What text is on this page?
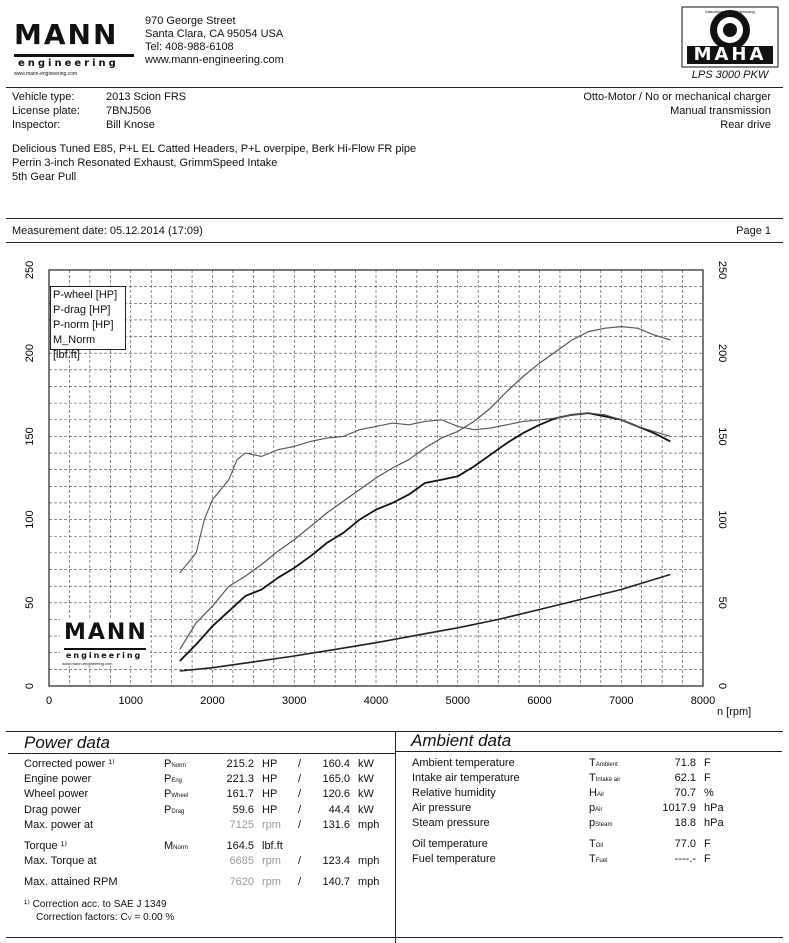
MANN
engineering
www.mann-engineering.com
970 George Street
Santa Clara, CA 95054 USA
Tel: 408-988-6108
www.mann-engineering.com
Maschinenbau Haldenwang
MAHA
LPS 3000 PKW
Vehicle type:	2013 Scion FRS
License plate: 7BNJ506
Inspector:	Bill Knose
Otto-Motor / No or mechanical charger
Manual transmission
Rear drive
Delicious Tuned E85, P+L EL Catted Headers, P+L overpipe, Berk Hi-Flow FR pipe
Perrin 3-inch Resonated Exhaust, GrimmSpeed Intake
5th Gear Pull
Measurement date: 05.12.2014 (17:09)	Page 1
0	1000	2000	3000	4000	5000	6000	7000	8000
0	0
50	50
100	100
150	150
200	200
250	250
P-wheel [HP]
P-drag [HP]
P-norm [HP]
M_Norm [lbf.ft]
MANN
engineering
www.mann-engineering.com
n [rpm]
Power data	Ambient data
Corrected power ¹⁾	PNorm	215.2 HP /	160.4 kW
Engine power	PEng	221.3 HP /	165.0 kW
Wheel power	PWheel	161.7 HP /	120.6 kW
Drag power	PDrag	59.6 HP /	44.4 kW
Max. power at	7125 rpm /	131.6 mph
Torque ¹⁾	MNorm	164.5 lbf.ft
Max. Torque at	6685 rpm /	123.4 mph
Max. attained RPM	7620 rpm /	140.7 mph
¹⁾ Correction acc. to SAE J 1349
Correction factors: CV = 0.00 %
Ambient temperature	TAmbient	71.8 F
Intake air temperature	TIntake air	62.1 F
Relative humidity	HAir	70.7 %
Air pressure	pAir	1017.9 hPa
Steam pressure	pSteam	18.8 hPa
Oil temperature	TOil	77.0 F
Fuel temperature	TFuel	----.- F
